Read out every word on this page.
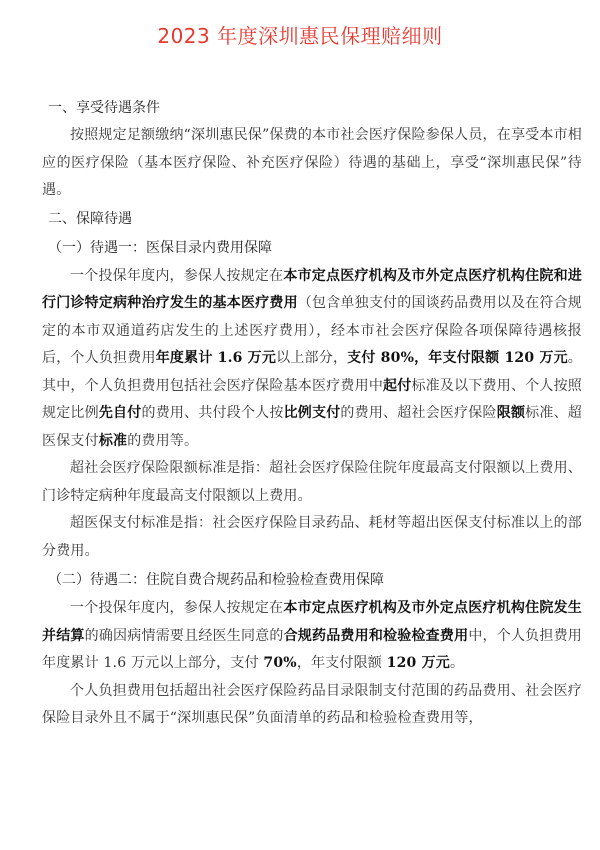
2023 年度深圳惠民保理赔细则
一、享受待遇条件

按照规定足额缴纳“深圳惠民保”保费的本市社会医疗保险参保人员，在享受本市相应的医疗保险（基本医疗保险、补充医疗保险）待遇的基础上，享受“深圳惠民保”待遇。

二、保障待遇
（一）待遇一：医保目录内费用保障

一个投保年度内，参保人按规定在本市定点医疗机构及市外定点医疗机构住院和进行门诊特定病种治疗发生的基本医疗费用（包含单独支付的国谈药品费用以及在符合规定的本市双通道药店发生的上述医疗费用），经本市社会医疗保险各项保障待遇核报后，个人负担费用年度累计 1.6 万元以上部分，支付 80%，年支付限额 120 万元。其中，个人负担费用包括社会医疗保险基本医疗费用中起付标准及以下费用、个人按照规定比例先自付的费用、共付段个人按比例支付的费用、超社会医疗保险限额标准、超医保支付标准的费用等。

超社会医疗保险限额标准是指：超社会医疗保险住院年度最高支付限额以上费用、门诊特定病种年度最高支付限额以上费用。

超医保支付标准是指：社会医疗保险目录药品、耗材等超出医保支付标准以上的部分费用。

（二）待遇二：住院自费合规药品和检验检查费用保障

一个投保年度内，参保人按规定在本市定点医疗机构及市外定点医疗机构住院发生并结算的确因病情需要且经医生同意的合规药品费用和检验检查费用中，个人负担费用年度累计 1.6 万元以上部分，支付 70%，年支付限额 120 万元。

个人负担费用包括超出社会医疗保险药品目录限制支付范围的药品费用、社会医疗保险目录外且不属于“深圳惠民保”负面清单的药品和检验检查费用等，
